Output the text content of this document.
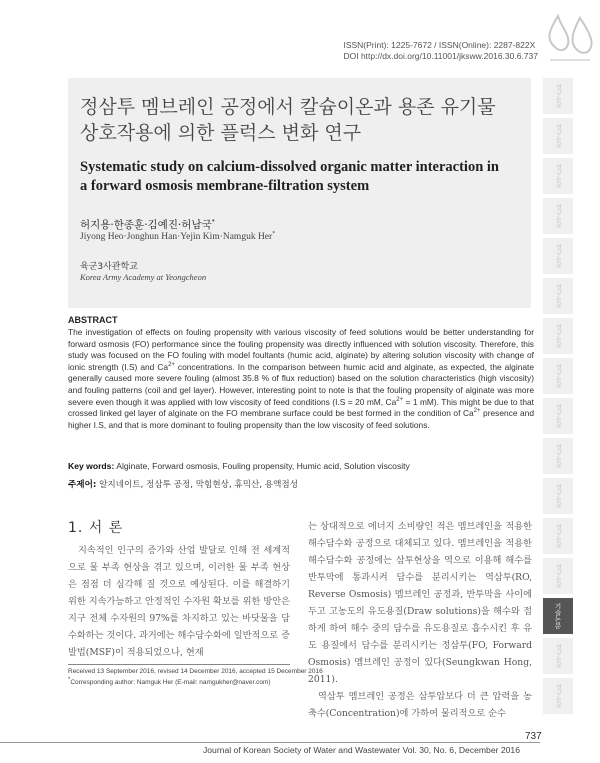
ISSN(Print): 1225-7672 / ISSN(Online): 2287-822X
DOI http://dx.doi.org/10.11001/jksww.2016.30.6.737
정삼투 멤브레인 공정에서 칼슘이온과 용존 유기물
상호작용에 의한 플럭스 변화 연구
Systematic study on calcium-dissolved organic matter interaction in
a forward osmosis membrane-filtration system
허지용·한종훈·김예진·허남국*
Jiyong Heo·Jonghun Han·Yejin Kim·Namguk Her*
육군3사관학교
Korea Army Academy at Yeongcheon
ABSTRACT
The investigation of effects on fouling propensity with various viscosity of feed solutions would be better understanding for forward osmosis (FO) performance since the fouling propensity was directly influenced with solution viscosity. Therefore, this study was focused on the FO fouling with model foultants (humic acid, alginate) by altering solution viscosity with change of ionic strength (I.S) and $Ca^{2+}$ concentrations. In the comparison between humic acid and alginate, as expected, the alginate generally caused more severe fouling (almost 35.8 % of flux reduction) based on the solution characteristics (high viscosity) and fouling patterns (coil and gel layer). However, interesting point to note is that the fouling propensity of alginate was more severe even though it was applied with low viscosity of feed conditions (I.S = 20 mM, $Ca^{2+} = 1$ mM). This might be due to that crossed linked gel layer of alginate on the FO membrane surface could be best formed in the condition of $Ca^{2+}$ presence and higher I.S, and that is more dominant to fouling propensity than the low viscosity of feed solutions.
Key words: Alginate, Forward osmosis, Fouling propensity, Humic acid, Solution viscosity
주제어: 알지네이트, 정삼투 공정, 막힘현상, 휴믹산, 용액점성
1. 서 론
지속적인 인구의 증가와 산업 발달로 인해 전 세계적으로 물 부족 현상을 겪고 있으며, 이러한 물 부족 현상은 점점 더 심각해 질 것으로 예상된다. 이를 해결하기 위한 지속가능하고 안정적인 수자원 확보를 위한 방안은 지구 전체 수자원의 97%를 차지하고 있는 바닷물을 담수화하는 것이다. 과거에는 해수담수화에 일반적으로 증발법(MSF)이 적용되었으나, 현재
는 상대적으로 에너지 소비량인 적은 멤브레인을 적용한 해수담수화 공정으로 대체되고 있다. 멤브레인을 적용한 해수담수화 공정에는 삼투현상을 역으로 이용해 해수를 반투막에 통과시켜 담수를 분리시키는 역삼투(RO, Reverse Osmosis) 멤브레인 공정과, 반투막을 사이에 두고 고농도의 유도용질(Draw solutions)을 해수와 접하게 하여 해수 중의 담수를 유도용질로 흡수시킨 후 유도 용질에서 담수를 분리시키는 정삼투(FO, Forward Osmosis) 멤브레인 공정이 있다(Seungkwan Hong, 2011).
역삼투 멤브레인 공정은 삼투압보다 더 큰 압력을 농축수(Concentration)에 가하여 물리적으로 순수
Received 13 September 2016, revised 14 December 2016, accepted 15 December 2016
*Corresponding author: Namguk Her (E-mail: namgukher@naver.com)
737
Journal of Korean Society of Water and Wastewater Vol. 30, No. 6, December 2016
연구논문
연구논문
연구논문
연구논문
연구논문
연구논문
연구논문
연구논문
연구논문
연구논문
연구논문
연구논문
연구논문
기술논문
연구논문
연구논문
